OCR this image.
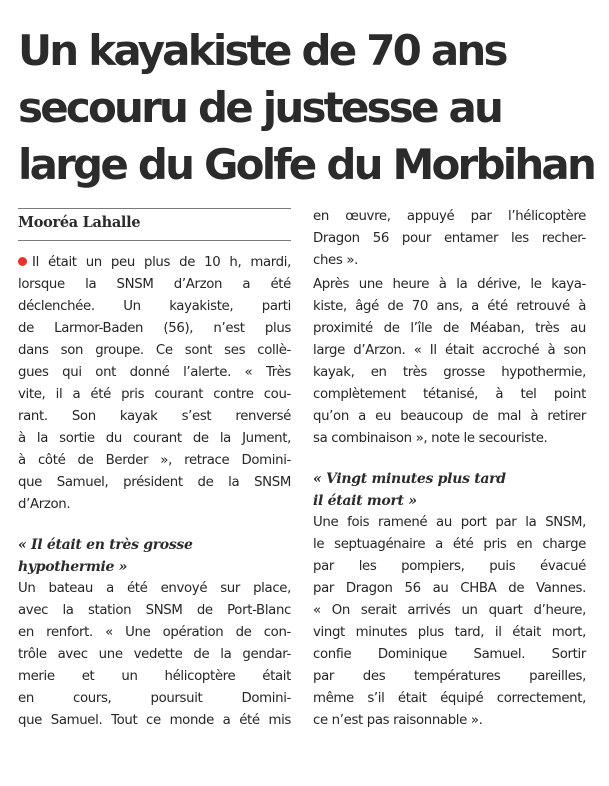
Un kayakiste de 70 ans
secouru de justesse au
large du Golfe du Morbihan
Mooréa Lahalle
Il était un peu plus de 10 h, mardi,
lorsque la SNSM d’Arzon a été
déclenchée. Un kayakiste, parti
de Larmor-Baden (56), n’est plus
dans son groupe. Ce sont ses collè-
gues qui ont donné l’alerte. « Très
vite, il a été pris courant contre cou-
rant. Son kayak s’est renversé
à la sortie du courant de la Jument,
à côté de Berder », retrace Domini-
que Samuel, président de la SNSM
d’Arzon.
« Il était en très grosse
hypothermie »
Un bateau a été envoyé sur place,
avec la station SNSM de Port-Blanc
en renfort. « Une opération de con-
trôle avec une vedette de la gendar-
merie et un hélicoptère était
en cours, poursuit Domini-
que Samuel. Tout ce monde a été mis
en œuvre, appuyé par l’hélicoptère
Dragon 56 pour entamer les recher-
ches ».
Après une heure à la dérive, le kaya-
kiste, âgé de 70 ans, a été retrouvé à
proximité de l’île de Méaban, très au
large d’Arzon. « Il était accroché à son
kayak, en très grosse hypothermie,
complètement tétanisé, à tel point
qu’on a eu beaucoup de mal à retirer
sa combinaison », note le secouriste.
« Vingt minutes plus tard
il était mort »
Une fois ramené au port par la SNSM,
le septuagénaire a été pris en charge
par les pompiers, puis évacué
par Dragon 56 au CHBA de Vannes.
« On serait arrivés un quart d’heure,
vingt minutes plus tard, il était mort,
confie Dominique Samuel. Sortir
par des températures pareilles,
même s’il était équipé correctement,
ce n’est pas raisonnable ».
